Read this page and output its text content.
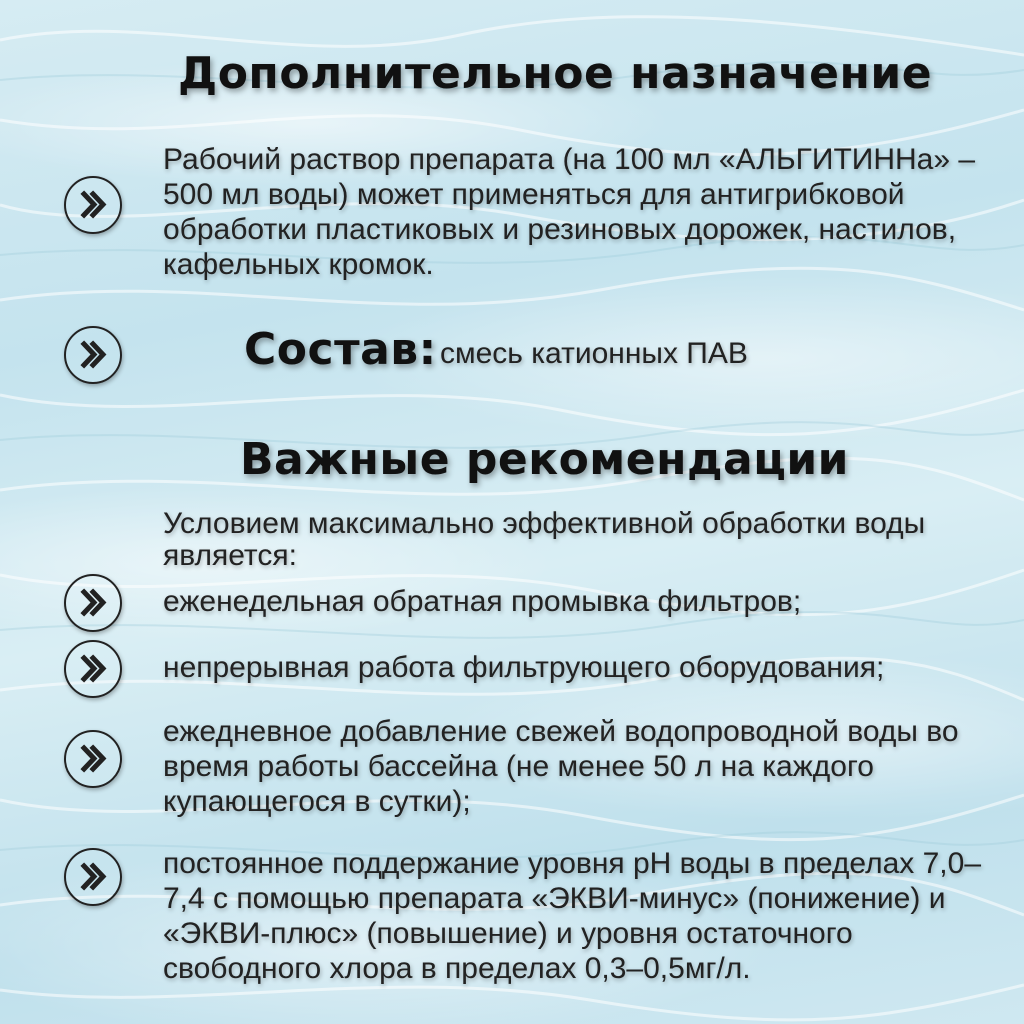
Дополнительное назначение
Рабочий раствор препарата (на 100 мл «АЛЬГИТИННа» – 500 мл воды) может применяться для антигрибковой обработки пластиковых и резиновых дорожек, настилов, кафельных кромок.
Состав: смесь катионных ПАВ
Важные рекомендации
Условием максимально эффективной обработки воды является:
еженедельная обратная промывка фильтров;
непрерывная работа фильтрующего оборудования;
ежедневное добавление свежей водопроводной воды во время работы бассейна (не менее 50 л на каждого купающегося в сутки);
постоянное поддержание уровня рН воды в пределах 7,0–7,4 с помощью препарата «ЭКВИ-минус» (понижение) и «ЭКВИ-плюс» (повышение) и уровня остаточного свободного хлора в пределах 0,3–0,5мг/л.
